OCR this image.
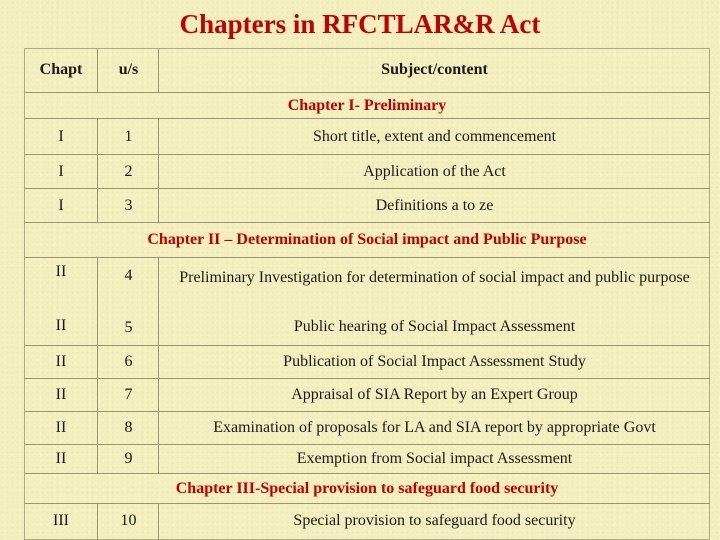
Chapters in RFCTLAR&R Act
Chapt	u/s	Subject/content
Chapter I- Preliminary
I	1	Short title, extent and commencement
I	2	Application of the Act
I	3	Definitions a to ze
Chapter II – Determination of Social impact and Public Purpose
II	4	Preliminary Investigation for determination of social impact and public purpose
II	5	Public hearing of Social Impact Assessment
II	6	Publication of Social Impact Assessment Study
II	7	Appraisal of SIA Report by an Expert Group
II	8	Examination of proposals for LA and SIA report by appropriate Govt
II	9	Exemption from Social impact Assessment
Chapter III-Special provision to safeguard food security
III	10	Special provision to safeguard food security
